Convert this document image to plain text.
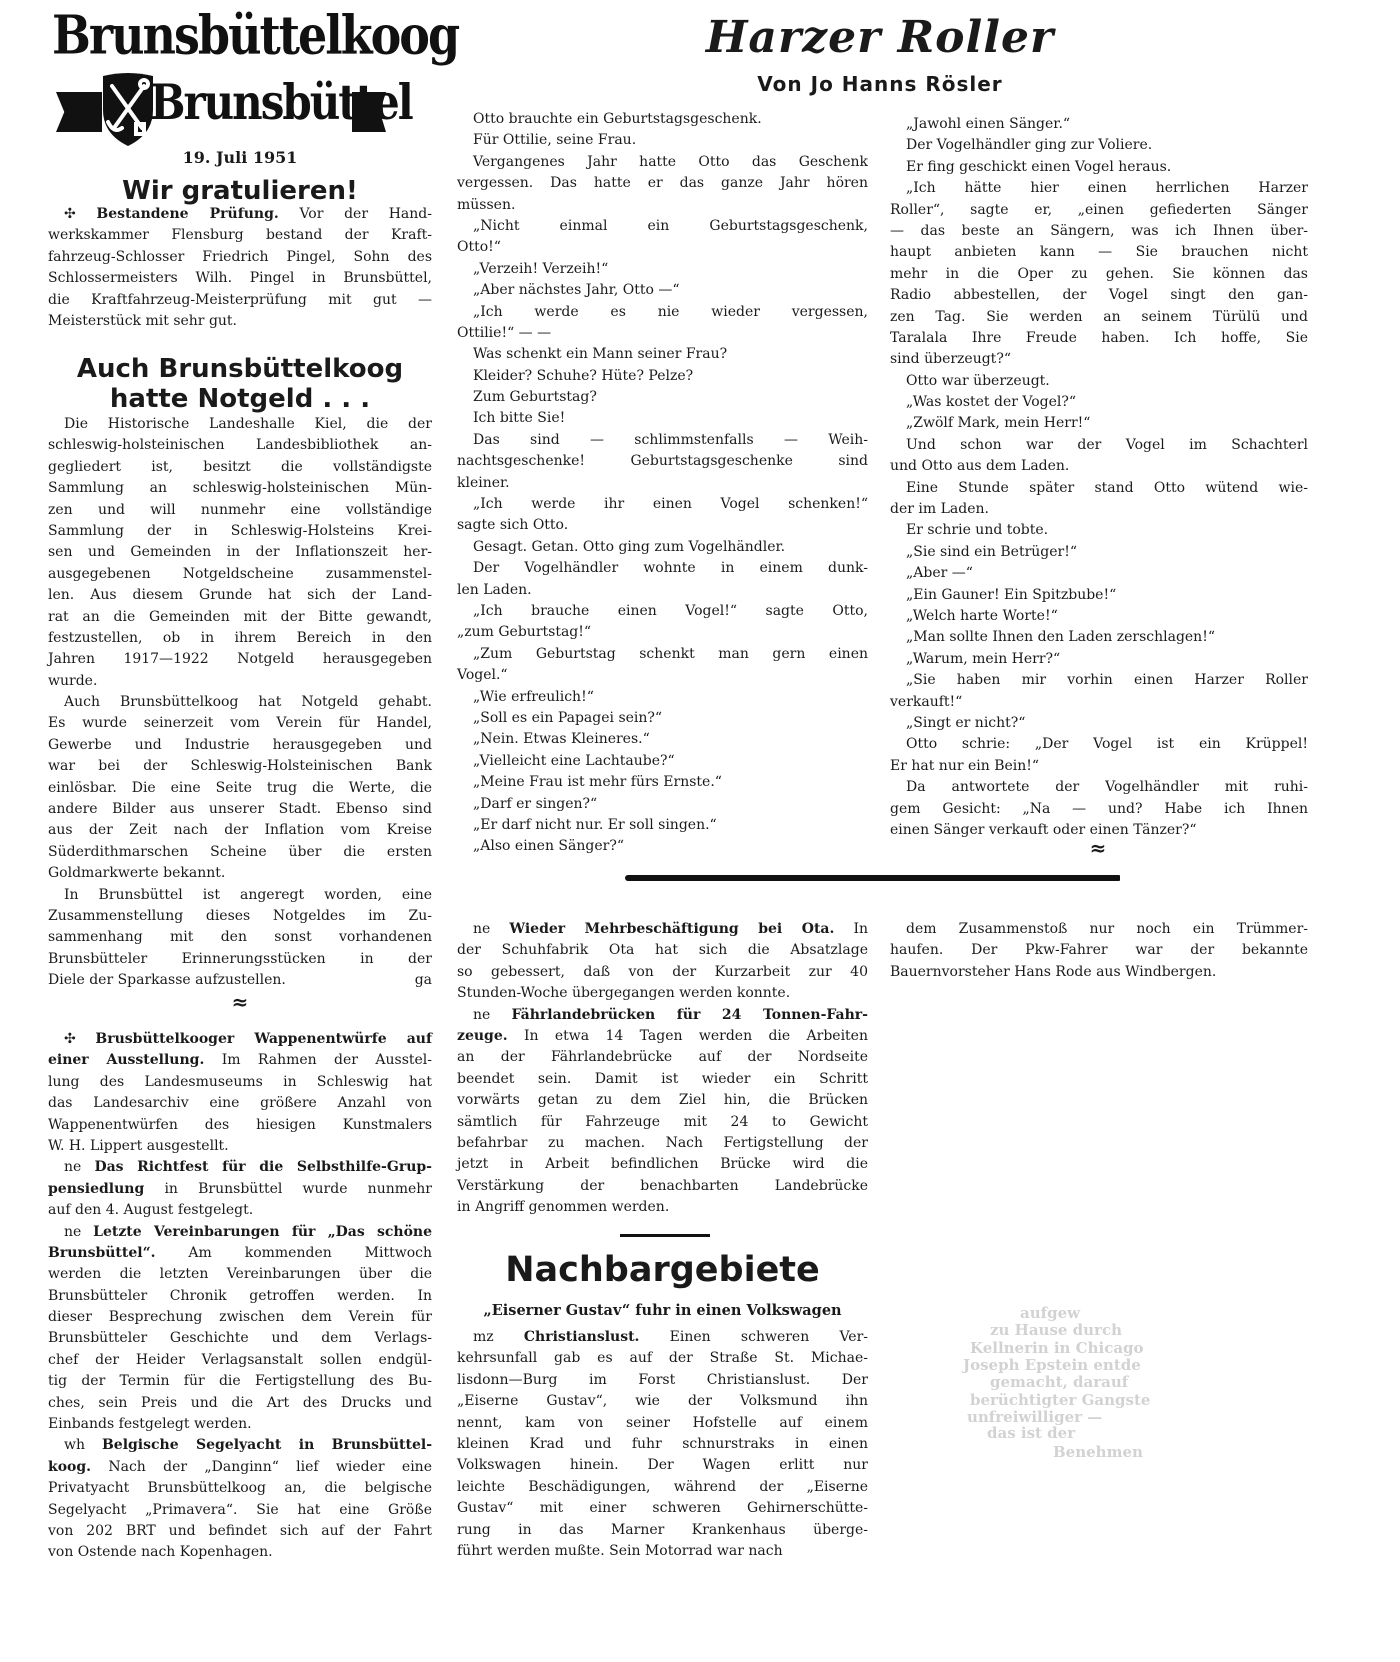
Brunsbüttelkoog
Brunsbüttel
19. Juli 1951
Wir gratulieren!
✣ Bestandene Prüfung. Vor der Hand-
werkskammer Flensburg bestand der Kraft-
fahrzeug-Schlosser Friedrich Pingel, Sohn des
Schlossermeisters Wilh. Pingel in Brunsbüttel,
die Kraftfahrzeug-Meisterprüfung mit gut —
Meisterstück mit sehr gut.
Auch Brunsbüttelkoog
hatte Notgeld . . .
Die Historische Landeshalle Kiel, die der
schleswig-holsteinischen Landesbibliothek an-
gegliedert ist, besitzt die vollständigste
Sammlung an schleswig-holsteinischen Mün-
zen und will nunmehr eine vollständige
Sammlung der in Schleswig-Holsteins Krei-
sen und Gemeinden in der Inflationszeit her-
ausgegebenen Notgeldscheine zusammenstel-
len. Aus diesem Grunde hat sich der Land-
rat an die Gemeinden mit der Bitte gewandt,
festzustellen, ob in ihrem Bereich in den
Jahren 1917—1922 Notgeld herausgegeben
wurde.
Auch Brunsbüttelkoog hat Notgeld gehabt.
Es wurde seinerzeit vom Verein für Handel,
Gewerbe und Industrie herausgegeben und
war bei der Schleswig-Holsteinischen Bank
einlösbar. Die eine Seite trug die Werte, die
andere Bilder aus unserer Stadt. Ebenso sind
aus der Zeit nach der Inflation vom Kreise
Süderdithmarschen Scheine über die ersten
Goldmarkwerte bekannt.
In Brunsbüttel ist angeregt worden, eine
Zusammenstellung dieses Notgeldes im Zu-
sammenhang mit den sonst vorhandenen
Brunsbütteler Erinnerungsstücken in der
Diele der Sparkasse aufzustellen.	ga
≈
✣ Brusbüttelkooger Wappenentwürfe auf
einer Ausstellung. Im Rahmen der Ausstel-
lung des Landesmuseums in Schleswig hat
das Landesarchiv eine größere Anzahl von
Wappenentwürfen des hiesigen Kunstmalers
W. H. Lippert ausgestellt.
ne Das Richtfest für die Selbsthilfe-Grup-
pensiedlung in Brunsbüttel wurde nunmehr
auf den 4. August festgelegt.
ne Letzte Vereinbarungen für „Das schöne
Brunsbüttel“. Am kommenden Mittwoch
werden die letzten Vereinbarungen über die
Brunsbütteler Chronik getroffen werden. In
dieser Besprechung zwischen dem Verein für
Brunsbütteler Geschichte und dem Verlags-
chef der Heider Verlagsanstalt sollen endgül-
tig der Termin für die Fertigstellung des Bu-
ches, sein Preis und die Art des Drucks und
Einbands festgelegt werden.
wh Belgische Segelyacht in Brunsbüttel-
koog. Nach der „Danginn“ lief wieder eine
Privatyacht Brunsbüttelkoog an, die belgische
Segelyacht „Primavera“. Sie hat eine Größe
von 202 BRT und befindet sich auf der Fahrt
von Ostende nach Kopenhagen.
Harzer Roller
Von Jo Hanns Rösler
Otto brauchte ein Geburtstagsgeschenk.
Für Ottilie, seine Frau.
Vergangenes Jahr hatte Otto das Geschenk
vergessen. Das hatte er das ganze Jahr hören
müssen.
„Nicht einmal ein Geburtstagsgeschenk,
Otto!“
„Verzeih! Verzeih!“
„Aber nächstes Jahr, Otto —“
„Ich werde es nie wieder vergessen,
Ottilie!“ — —
Was schenkt ein Mann seiner Frau?
Kleider? Schuhe? Hüte? Pelze?
Zum Geburtstag?
Ich bitte Sie!
Das sind — schlimmstenfalls — Weih-
nachtsgeschenke! Geburtstagsgeschenke sind
kleiner.
„Ich werde ihr einen Vogel schenken!“
sagte sich Otto.
Gesagt. Getan. Otto ging zum Vogelhändler.
Der Vogelhändler wohnte in einem dunk-
len Laden.
„Ich brauche einen Vogel!“ sagte Otto,
„zum Geburtstag!“
„Zum Geburtstag schenkt man gern einen
Vogel.“
„Wie erfreulich!“
„Soll es ein Papagei sein?“
„Nein. Etwas Kleineres.“
„Vielleicht eine Lachtaube?“
„Meine Frau ist mehr fürs Ernste.“
„Darf er singen?“
„Er darf nicht nur. Er soll singen.“
„Also einen Sänger?“
„Jawohl einen Sänger.“
Der Vogelhändler ging zur Voliere.
Er fing geschickt einen Vogel heraus.
„Ich hätte hier einen herrlichen Harzer
Roller“, sagte er, „einen gefiederten Sänger
— das beste an Sängern, was ich Ihnen über-
haupt anbieten kann — Sie brauchen nicht
mehr in die Oper zu gehen. Sie können das
Radio abbestellen, der Vogel singt den gan-
zen Tag. Sie werden an seinem Türülü und
Taralala Ihre Freude haben. Ich hoffe, Sie
sind überzeugt?“
Otto war überzeugt.
„Was kostet der Vogel?“
„Zwölf Mark, mein Herr!“
Und schon war der Vogel im Schachterl
und Otto aus dem Laden.
Eine Stunde später stand Otto wütend wie-
der im Laden.
Er schrie und tobte.
„Sie sind ein Betrüger!“
„Aber —“
„Ein Gauner! Ein Spitzbube!“
„Welch harte Worte!“
„Man sollte Ihnen den Laden zerschlagen!“
„Warum, mein Herr?“
„Sie haben mir vorhin einen Harzer Roller
verkauft!“
„Singt er nicht?“
Otto schrie: „Der Vogel ist ein Krüppel!
Er hat nur ein Bein!“
Da antwortete der Vogelhändler mit ruhi-
gem Gesicht: „Na — und? Habe ich Ihnen
einen Sänger verkauft oder einen Tänzer?“
≈
ne Wieder Mehrbeschäftigung bei Ota. In
der Schuhfabrik Ota hat sich die Absatzlage
so gebessert, daß von der Kurzarbeit zur 40
Stunden-Woche übergegangen werden konnte.
ne Fährlandebrücken für 24 Tonnen-Fahr-
zeuge. In etwa 14 Tagen werden die Arbeiten
an der Fährlandebrücke auf der Nordseite
beendet sein. Damit ist wieder ein Schritt
vorwärts getan zu dem Ziel hin, die Brücken
sämtlich für Fahrzeuge mit 24 to Gewicht
befahrbar zu machen. Nach Fertigstellung der
jetzt in Arbeit befindlichen Brücke wird die
Verstärkung der benachbarten Landebrücke
in Angriff genommen werden.
Nachbargebiete
„Eiserner Gustav“ fuhr in einen Volkswagen
mz Christianslust. Einen schweren Ver-
kehrsunfall gab es auf der Straße St. Michae-
lisdonn—Burg im Forst Christianslust. Der
„Eiserne Gustav“, wie der Volksmund ihn
nennt, kam von seiner Hofstelle auf einem
kleinen Krad und fuhr schnurstraks in einen
Volkswagen hinein. Der Wagen erlitt nur
leichte Beschädigungen, während der „Eiserne
Gustav“ mit einer schweren Gehirnerschütte-
rung in das Marner Krankenhaus überge-
führt werden mußte. Sein Motorrad war nach
dem Zusammenstoß nur noch ein Trümmer-
haufen. Der Pkw-Fahrer war der bekannte
Bauernvorsteher Hans Rode aus Windbergen.
aufgew
zu Hause durch
Kellnerin in Chicago
Joseph Epstein entde
gemacht, darauf
berüchtigter Gangste
unfreiwilliger —
das ist der
Benehmen
